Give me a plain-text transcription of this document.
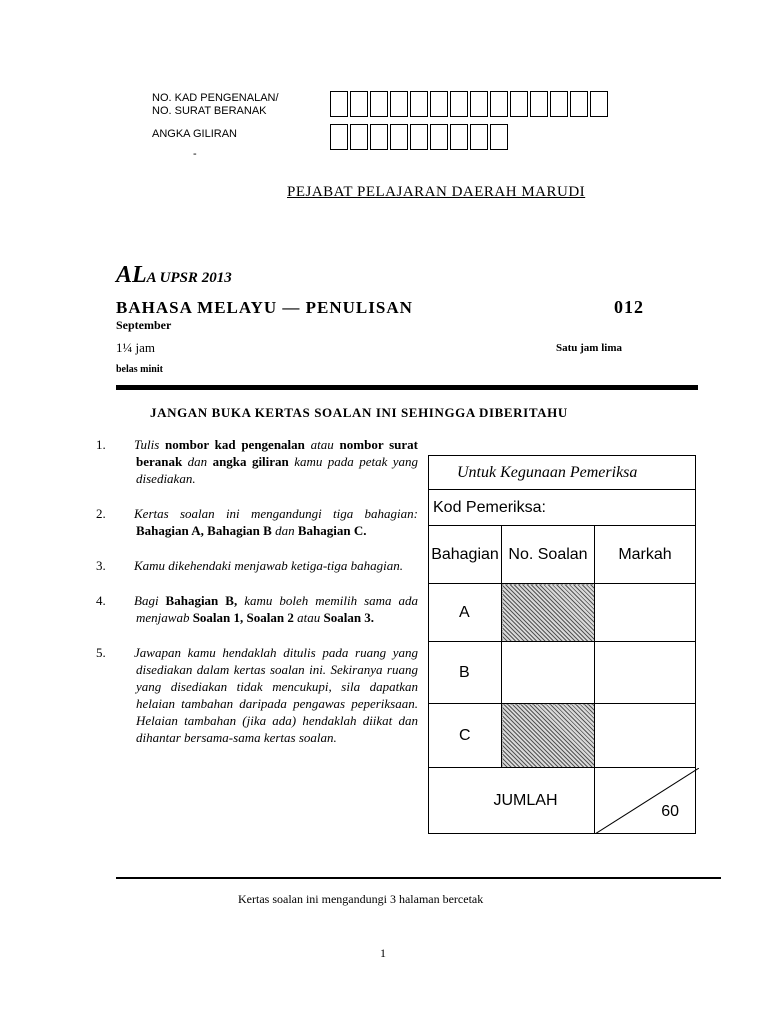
NO. KAD PENGENALAN/
NO. SURAT BERANAK
ANGKA GILIRAN
-
PEJABAT PELAJARAN DAERAH MARUDI
ALA UPSR 2013
BAHASA MELAYU — PENULISAN	012
September
1¼ jam	Satu jam lima
belas minit
JANGAN BUKA KERTAS SOALAN INI SEHINGGA DIBERITAHU
1. Tulis nombor kad pengenalan atau nombor surat beranak dan angka giliran kamu pada petak yang disediakan.
2. Kertas soalan ini mengandungi tiga bahagian: Bahagian A, Bahagian B dan Bahagian C.
3. Kamu dikehendaki menjawab ketiga-tiga bahagian.
4. Bagi Bahagian B, kamu boleh memilih sama ada menjawab Soalan 1, Soalan 2 atau Soalan 3.
5. Jawapan kamu hendaklah ditulis pada ruang yang disediakan dalam kertas soalan ini. Sekiranya ruang yang disediakan tidak mencukupi, sila dapatkan helaian tambahan daripada pengawas peperiksaan. Helaian tambahan (jika ada) hendaklah diikat dan dihantar bersama-sama kertas soalan.
Untuk Kegunaan Pemeriksa		
Kod Pemeriksa:		
Bahagian	No. Soalan	Markah
A		
B		
C		
JUMLAH		60
Kertas soalan ini mengandungi 3 halaman bercetak
1
